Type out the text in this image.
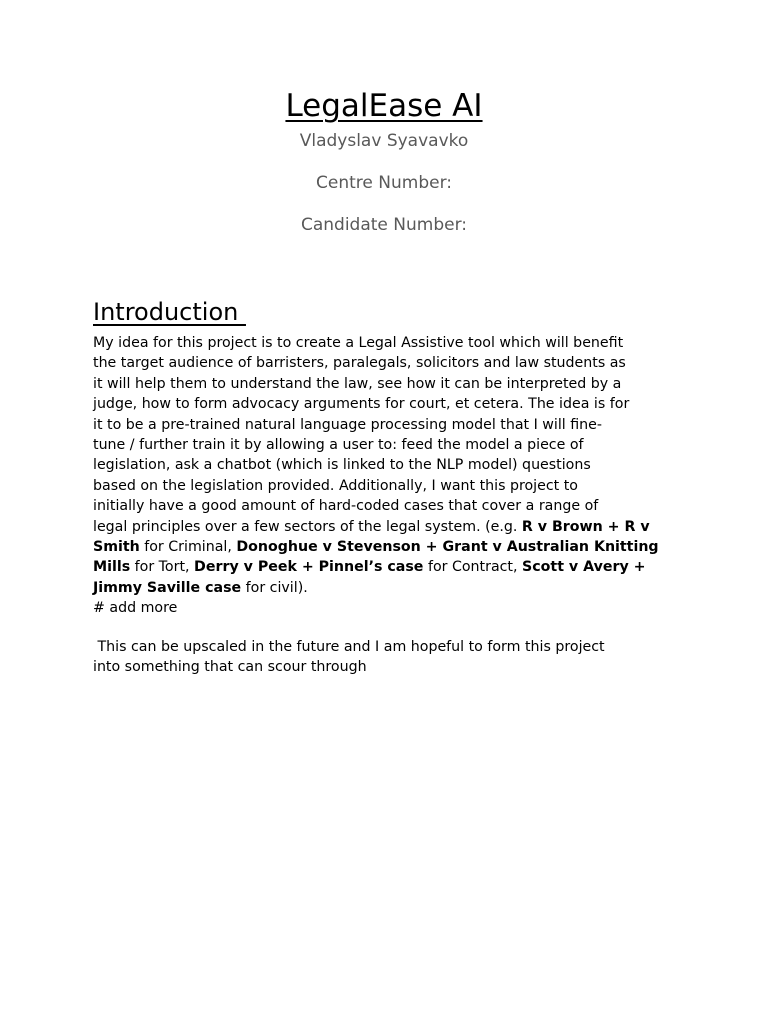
LegalEase AI
Vladyslav Syavavko
Centre Number:
Candidate Number:
Introduction
My idea for this project is to create a Legal Assistive tool which will benefit
the target audience of barristers, paralegals, solicitors and law students as
it will help them to understand the law, see how it can be interpreted by a
judge, how to form advocacy arguments for court, et cetera. The idea is for
it to be a pre-trained natural language processing model that I will fine-
tune / further train it by allowing a user to: feed the model a piece of
legislation, ask a chatbot (which is linked to the NLP model) questions
based on the legislation provided. Additionally, I want this project to
initially have a good amount of hard-coded cases that cover a range of
legal principles over a few sectors of the legal system. (e.g. R v Brown + R v
Smith for Criminal, Donoghue v Stevenson + Grant v Australian Knitting
Mills for Tort, Derry v Peek + Pinnel’s case for Contract, Scott v Avery +
Jimmy Saville case for civil).
# add more
This can be upscaled in the future and I am hopeful to form this project
into something that can scour through
